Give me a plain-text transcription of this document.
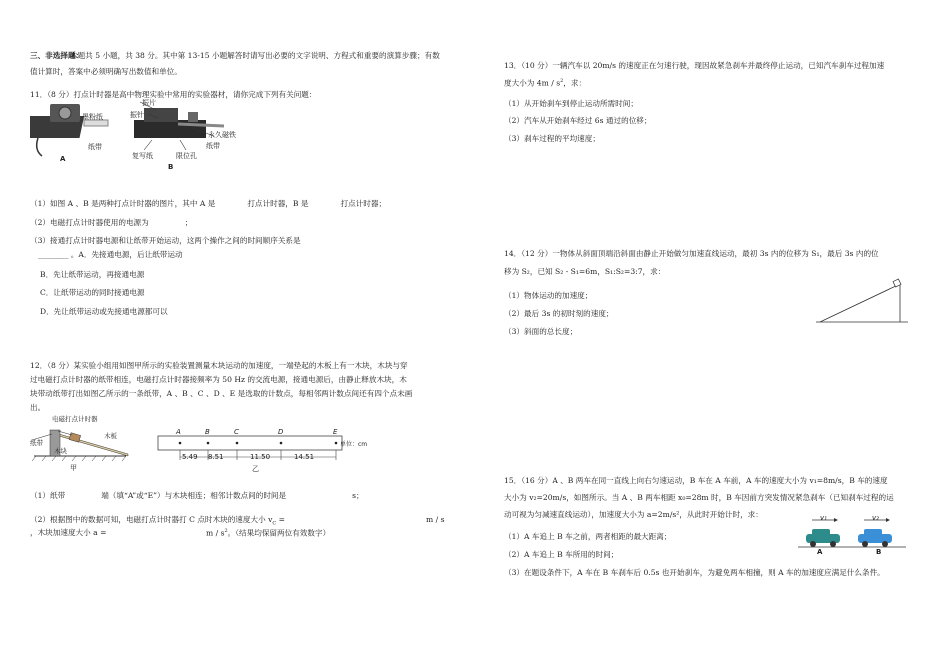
三、非选择题：
本题共 5 小题，共 38 分。其中第 13-15 小题解答时请写出必要的文字说明、方程式和重要的演算步骤；有数值计算时，答案中必须明确写出数值和单位。
11．（8 分）打点计时器是高中物理实验中常用的实验器材，请你完成下列有关问题：
墨粉纸
纸带
A
振片
振针
永久磁铁
纸带
复写纸	限位孔
B
（1）如图 A 、B 是两种打点计时器的图片，其中 A 是	打点计时器，B 是	打点计时器；
（2）电磁打点计时器使用的电源为	；
（3）接通打点计时器电源和让纸带开始运动，这两个操作之间的时间顺序关系是
________ 。A．先接通电源，后让纸带运动
B．先让纸带运动，再接通电源
C．让纸带运动的同时接通电源
D．先让纸带运动或先接通电源都可以
12．（8 分）某实验小组用如图甲所示的实验装置测量木块运动的加速度，一端垫起的木板上有一木块，木块与穿
过电磁打点计时器的纸带相连，电磁打点计时器接频率为 50 Hz 的交流电源，接通电源后，由静止释放木块，木
块带动纸带打出如图乙所示的一条纸带，A 、B 、C 、D 、E 是选取的计数点，每相邻两计数点间还有四个点未画
出。
电磁打点计时器
纸带
木块
木板
甲
A	B	C	D	E
单位：cm
5.49 8.51	11.50	14.51
乙
（1）纸带	端（填“A”或“E”）与木块相连；相邻计数点间的时间是	s；
（2）根据图中的数据可知，电磁打点计时器打 C 点时木块的速度大小 $v_C$ =	m / s
，木块加速度大小 a =	m / $s^2$。（结果均保留两位有效数字）
13．（10 分）一辆汽车以 20m/s 的速度正在匀速行驶，现因故紧急刹车并最终停止运动，已知汽车刹车过程加速
度大小为 $4m / s^2$，求：
（1）从开始刹车到停止运动所需时间；
（2）汽车从开始刹车经过 6s 通过的位移；
（3）刹车过程的平均速度；
14．（12 分）一物体从斜面顶端沿斜面由静止开始做匀加速直线运动，最初 3s 内的位移为 S₁，最后 3s 内的位
移为 S₂，已知 S₂ - S₁=6m，S₁:S₂=3:7，求：
（1）物体运动的加速度；
（2）最后 3s 的初时刻的速度；
（3）斜面的总长度；
15．（16 分）A 、B 两车在同一直线上向右匀速运动，B 车在 A 车前，A 车的速度大小为 v₁=8m/s，B 车的速度
大小为 v₂=20m/s，如图所示。当 A 、B 两车相距 x₀=28m 时，B 车因前方突发情况紧急刹车（已知刹车过程的运
动可视为匀减速直线运动），加速度大小为 a=2m/s²，从此时开始计时，求：
（1）A 车追上 B 车之前，两者相距的最大距离；
（2）A 车追上 B 车所用的时间；
（3）在题设条件下，A 车在 B 车刹车后 0.5s 也开始刹车，为避免两车相撞，则 A 车的加速度应满足什么条件。
v₁	v₂
A	B
